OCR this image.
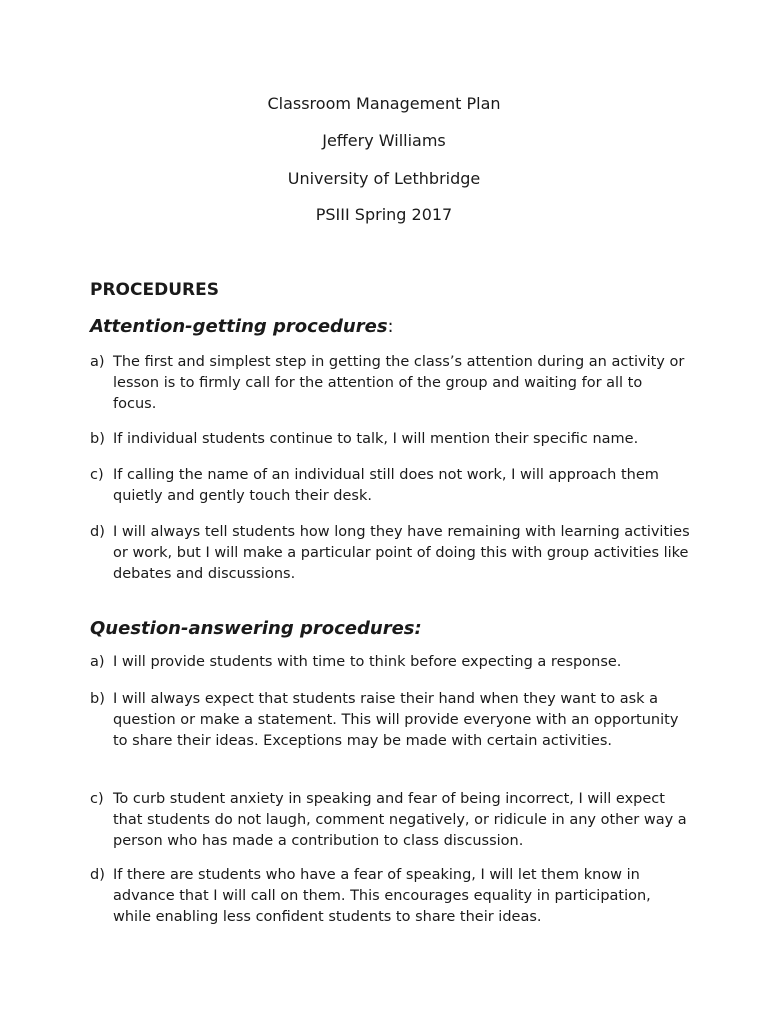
Classroom Management Plan
Jeffery Williams
University of Lethbridge
PSIII Spring 2017
PROCEDURES
Attention-getting procedures:
a) The first and simplest step in getting the class’s attention during an activity or lesson is to firmly call for the attention of the group and waiting for all to focus.
b) If individual students continue to talk, I will mention their specific name.
c) If calling the name of an individual still does not work, I will approach them quietly and gently touch their desk.
d) I will always tell students how long they have remaining with learning activities or work, but I will make a particular point of doing this with group activities like debates and discussions.
Question-answering procedures:
a) I will provide students with time to think before expecting a response.
b) I will always expect that students raise their hand when they want to ask a question or make a statement. This will provide everyone with an opportunity to share their ideas. Exceptions may be made with certain activities.
c) To curb student anxiety in speaking and fear of being incorrect, I will expect that students do not laugh, comment negatively, or ridicule in any other way a person who has made a contribution to class discussion.
d) If there are students who have a fear of speaking, I will let them know in advance that I will call on them. This encourages equality in participation, while enabling less confident students to share their ideas.
